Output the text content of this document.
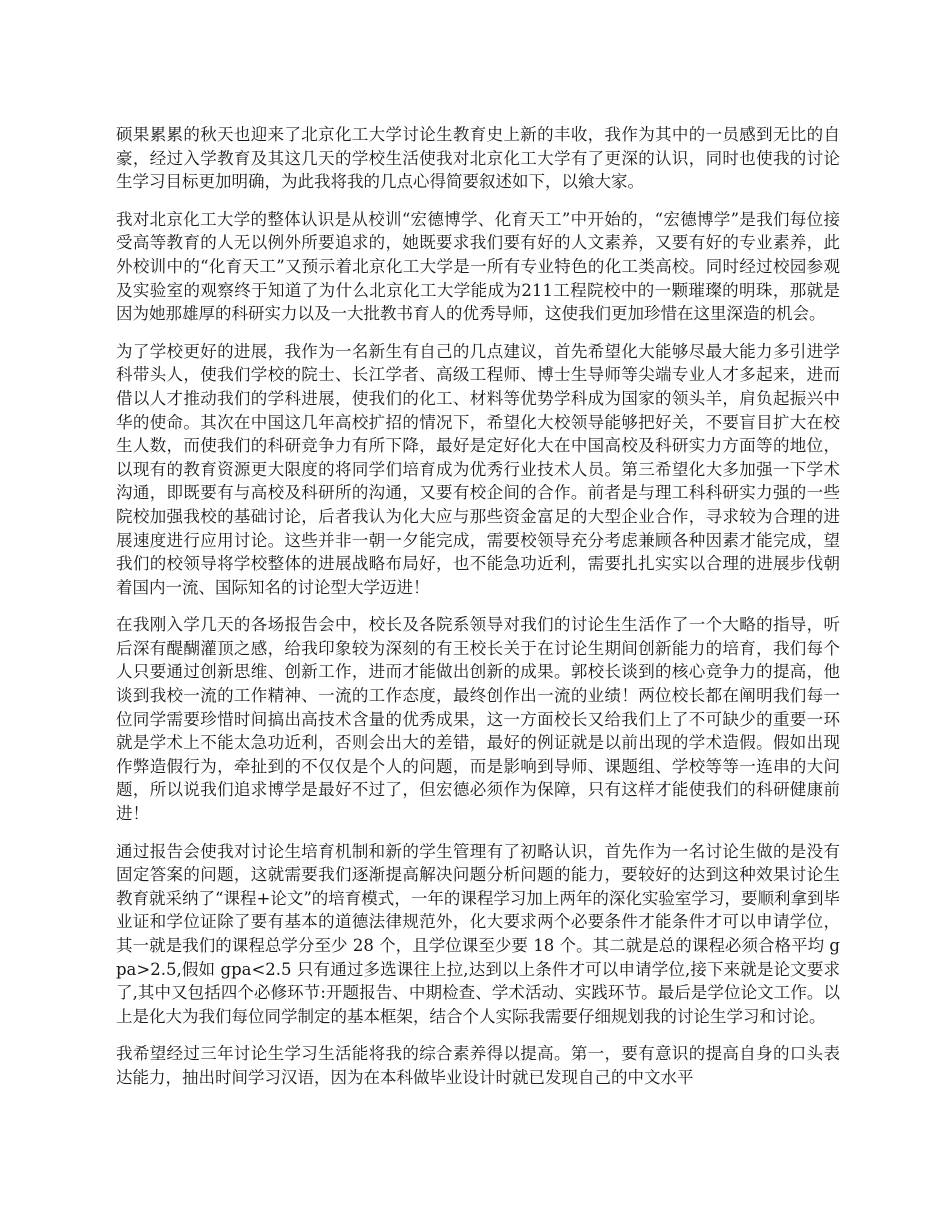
硕果累累的秋天也迎来了北京化工大学讨论生教育史上新的丰收，我作为其中的一员感到无比的自豪，经过入学教育及其这几天的学校生活使我对北京化工大学有了更深的认识，同时也使我的讨论生学习目标更加明确，为此我将我的几点心得简要叙述如下，以飨大家。

我对北京化工大学的整体认识是从校训“宏德博学、化育天工”中开始的，“宏德博学”是我们每位接受高等教育的人无以例外所要追求的，她既要求我们要有好的人文素养，又要有好的专业素养，此外校训中的“化育天工”又预示着北京化工大学是一所有专业特色的化工类高校。同时经过校园参观及实验室的观察终于知道了为什么北京化工大学能成为211工程院校中的一颗璀璨的明珠，那就是因为她那雄厚的科研实力以及一大批教书育人的优秀导师，这使我们更加珍惜在这里深造的机会。

为了学校更好的进展，我作为一名新生有自己的几点建议，首先希望化大能够尽最大能力多引进学科带头人，使我们学校的院士、长江学者、高级工程师、博士生导师等尖端专业人才多起来，进而借以人才推动我们的学科进展，使我们的化工、材料等优势学科成为国家的领头羊，肩负起振兴中华的使命。其次在中国这几年高校扩招的情况下，希望化大校领导能够把好关，不要盲目扩大在校生人数，而使我们的科研竞争力有所下降，最好是定好化大在中国高校及科研实力方面等的地位，以现有的教育资源更大限度的将同学们培育成为优秀行业技术人员。第三希望化大多加强一下学术沟通，即既要有与高校及科研所的沟通，又要有校企间的合作。前者是与理工科科研实力强的一些院校加强我校的基础讨论，后者我认为化大应与那些资金富足的大型企业合作，寻求较为合理的进展速度进行应用讨论。这些并非一朝一夕能完成，需要校领导充分考虑兼顾各种因素才能完成，望我们的校领导将学校整体的进展战略布局好，也不能急功近利，需要扎扎实实以合理的进展步伐朝着国内一流、国际知名的讨论型大学迈进！

在我刚入学几天的各场报告会中，校长及各院系领导对我们的讨论生生活作了一个大略的指导，听后深有醍醐灌顶之感，给我印象较为深刻的有王校长关于在讨论生期间创新能力的培育，我们每个人只要通过创新思维、创新工作，进而才能做出创新的成果。郭校长谈到的核心竞争力的提高，他谈到我校一流的工作精神、一流的工作态度，最终创作出一流的业绩！两位校长都在阐明我们每一位同学需要珍惜时间搞出高技术含量的优秀成果，这一方面校长又给我们上了不可缺少的重要一环就是学术上不能太急功近利，否则会出大的差错，最好的例证就是以前出现的学术造假。假如出现作弊造假行为，牵扯到的不仅仅是个人的问题，而是影响到导师、课题组、学校等等一连串的大问题，所以说我们追求博学是最好不过了，但宏德必须作为保障，只有这样才能使我们的科研健康前进！

通过报告会使我对讨论生培育机制和新的学生管理有了初略认识，首先作为一名讨论生做的是没有固定答案的问题，这就需要我们逐渐提高解决问题分析问题的能力，要较好的达到这种效果讨论生教育就采纳了“课程+论文”的培育模式，一年的课程学习加上两年的深化实验室学习，要顺利拿到毕业证和学位证除了要有基本的道德法律规范外，化大要求两个必要条件才能条件才可以申请学位，其一就是我们的课程总学分至少 28 个，且学位课至少要 18 个。其二就是总的课程必须合格平均 gpa>2.5,假如 gpa<2.5 只有通过多选课往上拉,达到以上条件才可以申请学位,接下来就是论文要求了,其中又包括四个必修环节:开题报告、中期检查、学术活动、实践环节。最后是学位论文工作。以上是化大为我们每位同学制定的基本框架，结合个人实际我需要仔细规划我的讨论生学习和讨论。

我希望经过三年讨论生学习生活能将我的综合素养得以提高。第一，要有意识的提高自身的口头表达能力，抽出时间学习汉语，因为在本科做毕业设计时就已发现自己的中文水平
